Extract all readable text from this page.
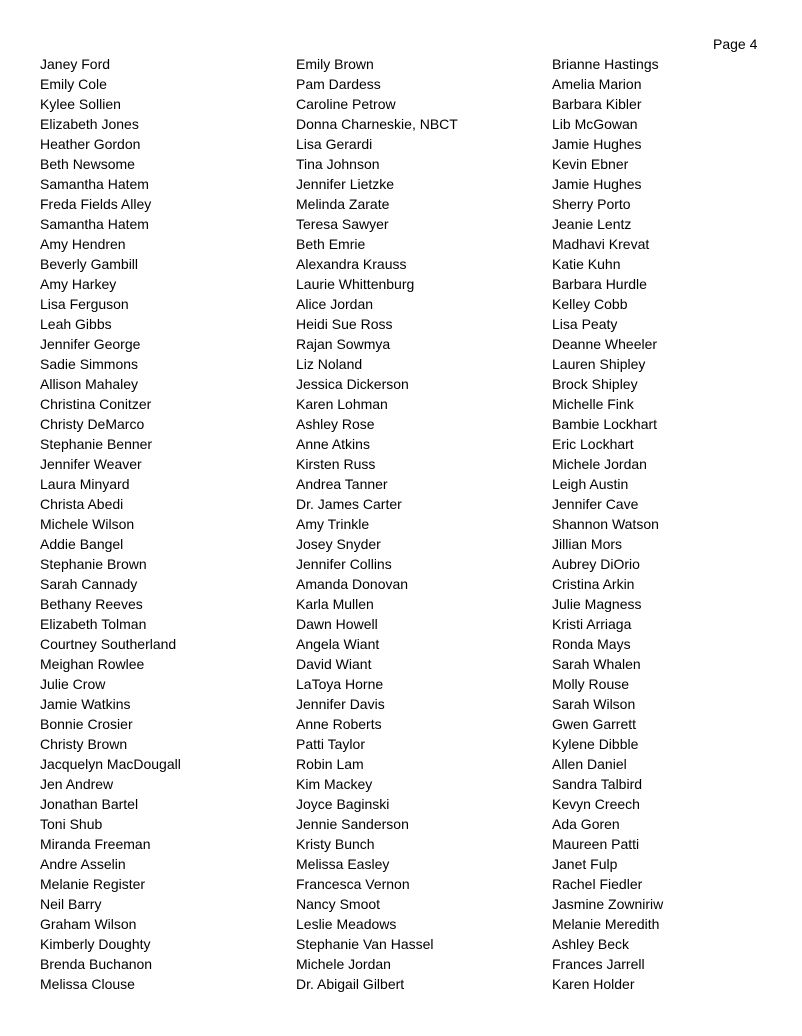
Page 4
Janey Ford
Emily Cole
Kylee Sollien
Elizabeth Jones
Heather Gordon
Beth Newsome
Samantha Hatem
Freda Fields Alley
Samantha Hatem
Amy Hendren
Beverly Gambill
Amy Harkey
Lisa Ferguson
Leah Gibbs
Jennifer George
Sadie Simmons
Allison Mahaley
Christina Conitzer
Christy DeMarco
Stephanie Benner
Jennifer Weaver
Laura Minyard
Christa Abedi
Michele Wilson
Addie Bangel
Stephanie Brown
Sarah Cannady
Bethany Reeves
Elizabeth Tolman
Courtney Southerland
Meighan Rowlee
Julie Crow
Jamie Watkins
Bonnie Crosier
Christy Brown
Jacquelyn MacDougall
Jen Andrew
Jonathan Bartel
Toni Shub
Miranda Freeman
Andre Asselin
Melanie Register
Neil Barry
Graham Wilson
Kimberly Doughty
Brenda Buchanon
Melissa Clouse
Emily Brown
Pam Dardess
Caroline Petrow
Donna Charneskie, NBCT
Lisa Gerardi
Tina Johnson
Jennifer Lietzke
Melinda Zarate
Teresa Sawyer
Beth Emrie
Alexandra Krauss
Laurie Whittenburg
Alice Jordan
Heidi Sue Ross
Rajan Sowmya
Liz Noland
Jessica Dickerson
Karen Lohman
Ashley Rose
Anne Atkins
Kirsten Russ
Andrea Tanner
Dr. James Carter
Amy Trinkle
Josey Snyder
Jennifer Collins
Amanda Donovan
Karla Mullen
Dawn Howell
Angela Wiant
David Wiant
LaToya Horne
Jennifer Davis
Anne Roberts
Patti Taylor
Robin Lam
Kim Mackey
Joyce Baginski
Jennie Sanderson
Kristy Bunch
Melissa Easley
Francesca Vernon
Nancy Smoot
Leslie Meadows
Stephanie Van Hassel
Michele Jordan
Dr. Abigail Gilbert
Brianne Hastings
Amelia Marion
Barbara Kibler
Lib McGowan
Jamie Hughes
Kevin Ebner
Jamie Hughes
Sherry Porto
Jeanie Lentz
Madhavi Krevat
Katie Kuhn
Barbara Hurdle
Kelley Cobb
Lisa Peaty
Deanne Wheeler
Lauren Shipley
Brock Shipley
Michelle Fink
Bambie Lockhart
Eric Lockhart
Michele Jordan
Leigh Austin
Jennifer Cave
Shannon Watson
Jillian Mors
Aubrey DiOrio
Cristina Arkin
Julie Magness
Kristi Arriaga
Ronda Mays
Sarah Whalen
Molly Rouse
Sarah Wilson
Gwen Garrett
Kylene Dibble
Allen Daniel
Sandra Talbird
Kevyn Creech
Ada Goren
Maureen Patti
Janet Fulp
Rachel Fiedler
Jasmine Zowniriw
Melanie Meredith
Ashley Beck
Frances Jarrell
Karen Holder
